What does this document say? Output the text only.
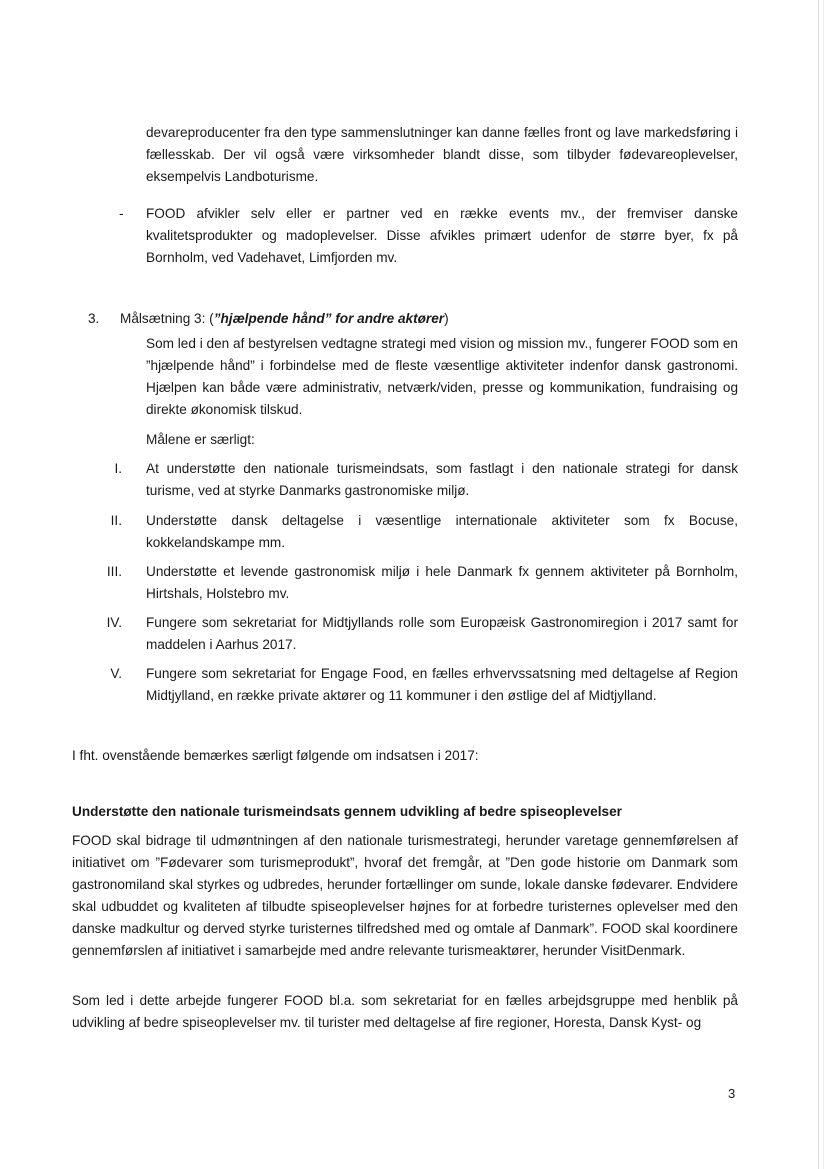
devareproducenter fra den type sammenslutninger kan danne fælles front og lave markedsføring i fællesskab. Der vil også være virksomheder blandt disse, som tilbyder fødevareoplevelser, eksempelvis Landboturisme.

- FOOD afvikler selv eller er partner ved en række events mv., der fremviser danske kvalitetsprodukter og madoplevelser. Disse afvikles primært udenfor de større byer, fx på Bornholm, ved Vadehavet, Limfjorden mv.

3.	Målsætning 3: (”hjælpende hånd” for andre aktører)

Som led i den af bestyrelsen vedtagne strategi med vision og mission mv., fungerer FOOD som en ”hjælpende hånd” i forbindelse med de fleste væsentlige aktiviteter indenfor dansk gastronomi. Hjælpen kan både være administrativ, netværk/viden, presse og kommunikation, fundraising og direkte økonomisk tilskud.

Målene er særligt:

I. At understøtte den nationale turismeindsats, som fastlagt i den nationale strategi for dansk turisme, ved at styrke Danmarks gastronomiske miljø.

II. Understøtte dansk deltagelse i væsentlige internationale aktiviteter som fx Bocuse, kokkelandskampe mm.

III. Understøtte et levende gastronomisk miljø i hele Danmark fx gennem aktiviteter på Bornholm, Hirtshals, Holstebro mv.

IV. Fungere som sekretariat for Midtjyllands rolle som Europæisk Gastronomiregion i 2017 samt for maddelen i Aarhus 2017.

V. Fungere som sekretariat for Engage Food, en fælles erhvervssatsning med deltagelse af Region Midtjylland, en række private aktører og 11 kommuner i den østlige del af Midtjylland.

I fht. ovenstående bemærkes særligt følgende om indsatsen i 2017:

Understøtte den nationale turismeindsats gennem udvikling af bedre spiseoplevelser

FOOD skal bidrage til udmøntningen af den nationale turismestrategi, herunder varetage gennemførelsen af initiativet om ”Fødevarer som turismeprodukt”, hvoraf det fremgår, at ”Den gode historie om Danmark som gastronomiland skal styrkes og udbredes, herunder fortællinger om sunde, lokale danske fødevarer. Endvidere skal udbuddet og kvaliteten af tilbudte spiseoplevelser højnes for at forbedre turisternes oplevelser med den danske madkultur og derved styrke turisternes tilfredshed med og omtale af Danmark”. FOOD skal koordinere gennemførslen af initiativet i samarbejde med andre relevante turismeaktører, herunder VisitDenmark.

Som led i dette arbejde fungerer FOOD bl.a. som sekretariat for en fælles arbejdsgruppe med henblik på udvikling af bedre spiseoplevelser mv. til turister med deltagelse af fire regioner, Horesta, Dansk Kyst- og

3
